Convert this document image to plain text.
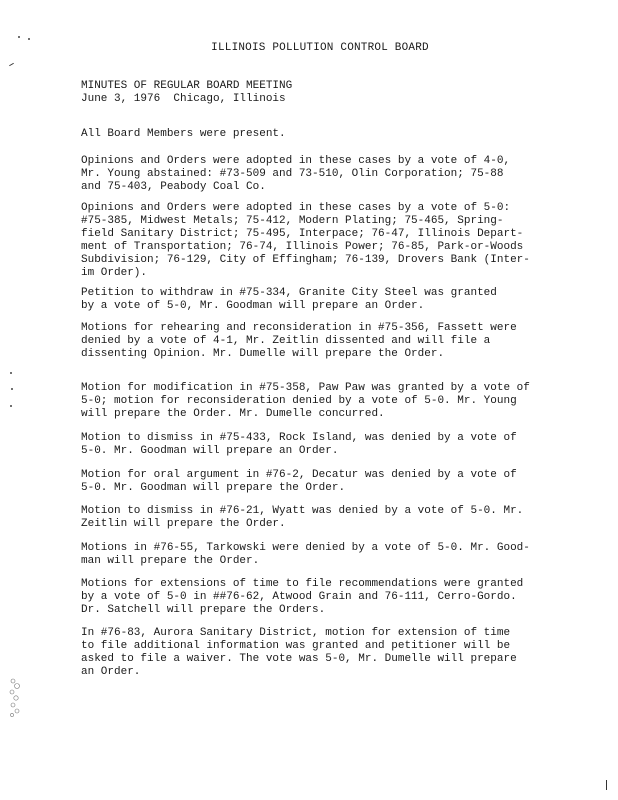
ILLINOIS POLLUTION CONTROL BOARD
MINUTES OF REGULAR BOARD MEETING
June 3, 1976  Chicago, Illinois
All Board Members were present.
Opinions and Orders were adopted in these cases by a vote of 4-0,
Mr. Young abstained: #73-509 and 73-510, Olin Corporation; 75-88
and 75-403, Peabody Coal Co.
Opinions and Orders were adopted in these cases by a vote of 5-0:
#75-385, Midwest Metals; 75-412, Modern Plating; 75-465, Spring-
field Sanitary District; 75-495, Interpace; 76-47, Illinois Depart-
ment of Transportation; 76-74, Illinois Power; 76-85, Park-or-Woods
Subdivision; 76-129, City of Effingham; 76-139, Drovers Bank (Inter-
im Order).
Petition to withdraw in #75-334, Granite City Steel was granted
by a vote of 5-0, Mr. Goodman will prepare an Order.
Motions for rehearing and reconsideration in #75-356, Fassett were
denied by a vote of 4-1, Mr. Zeitlin dissented and will file a
dissenting Opinion. Mr. Dumelle will prepare the Order.
Motion for modification in #75-358, Paw Paw was granted by a vote of
5-0; motion for reconsideration denied by a vote of 5-0. Mr. Young
will prepare the Order. Mr. Dumelle concurred.
Motion to dismiss in #75-433, Rock Island, was denied by a vote of
5-0. Mr. Goodman will prepare an Order.
Motion for oral argument in #76-2, Decatur was denied by a vote of
5-0. Mr. Goodman will prepare the Order.
Motion to dismiss in #76-21, Wyatt was denied by a vote of 5-0. Mr.
Zeitlin will prepare the Order.
Motions in #76-55, Tarkowski were denied by a vote of 5-0. Mr. Good-
man will prepare the Order.
Motions for extensions of time to file recommendations were granted
by a vote of 5-0 in ##76-62, Atwood Grain and 76-111, Cerro-Gordo.
Dr. Satchell will prepare the Orders.
In #76-83, Aurora Sanitary District, motion for extension of time
to file additional information was granted and petitioner will be
asked to file a waiver. The vote was 5-0, Mr. Dumelle will prepare
an Order.
